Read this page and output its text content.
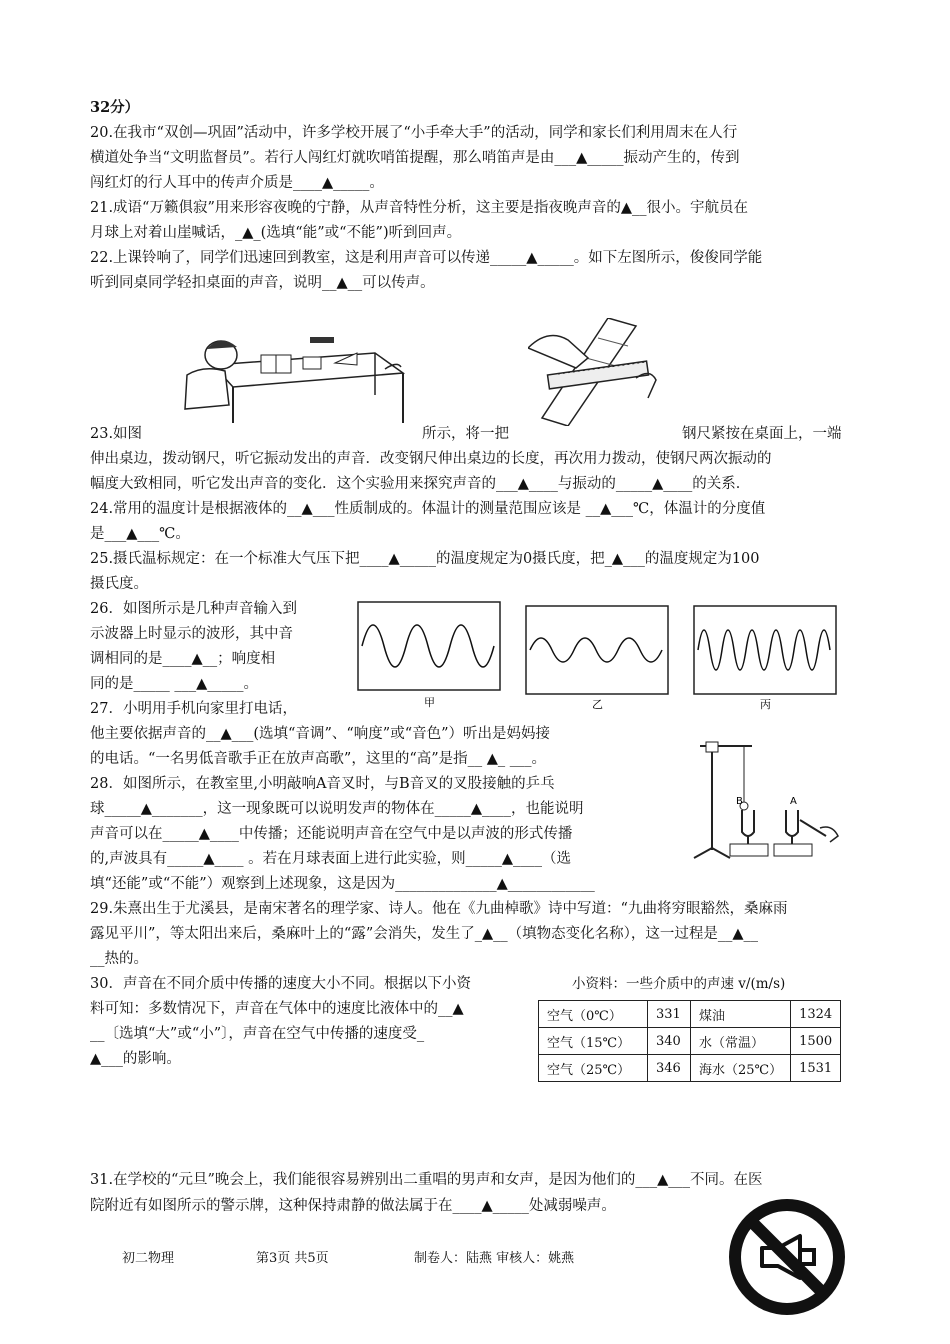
32分）
20.在我市“双创—巩固”活动中，许多学校开展了“小手牵大手”的活动，同学和家长们利用周末在人行
横道处争当“文明监督员”。若行人闯红灯就吹哨笛提醒，那么哨笛声是由___▲_____振动产生的，传到
闯红灯的行人耳中的传声介质是____▲_____。
21.成语“万籁俱寂”用来形容夜晚的宁静，从声音特性分析，这主要是指夜晚声音的▲__很小。宇航员在
月球上对着山崖喊话，_▲_(选填“能”或“不能”)听到回声。
22.上课铃响了，同学们迅速回到教室，这是利用声音可以传递_____▲_____。如下左图所示，俊俊同学能
听到同桌同学轻扣桌面的声音，说明__▲__可以传声。
23.如图	所示，将一把	钢尺紧按在桌面上，一端
伸出桌边，拨动钢尺，听它振动发出的声音．改变钢尺伸出桌边的长度，再次用力拨动，使钢尺两次振动的
幅度大致相同，听它发出声音的变化．这个实验用来探究声音的___▲____与振动的_____▲____的关系．
24.常用的温度计是根据液体的__▲___性质制成的。体温计的测量范围应该是 __▲___℃，体温计的分度值
是___▲___℃。
25.摄氏温标规定：在一个标准大气压下把____▲_____的温度规定为0摄氏度，把_▲___的温度规定为100
摄氏度。
26．如图所示是几种声音输入到
示波器上时显示的波形，其中音
调相同的是____▲__；响度相
同的是_____ ___▲_____。
甲	乙	丙
27．小明用手机向家里打电话，
他主要依据声音的__▲___(选填“音调”、“响度”或“音色”）听出是妈妈接
的电话。“一名男低音歌手正在放声高歌”，这里的“高”是指__ ▲_ ___。
B	A
28．如图所示，在教室里,小明敲响A音叉时，与B音叉的叉股接触的乒乓
球_____▲_______，这一现象既可以说明发声的物体在_____▲____，也能说明
声音可以在_____▲____中传播；还能说明声音在空气中是以声波的形式传播
的,声波具有_____▲____ 。若在月球表面上进行此实验，则_____▲____（选
填“还能”或“不能”）观察到上述现象，这是因为______________▲____________
29.朱熹出生于尤溪县，是南宋著名的理学家、诗人。他在《九曲棹歌》诗中写道：“九曲将穷眼豁然，桑麻雨
露见平川”，等太阳出来后，桑麻叶上的“露”会消失，发生了_▲__（填物态变化名称），这一过程是__▲__
__热的。
30．声音在不同介质中传播的速度大小不同。根据以下小资
料可知：多数情况下，声音在气体中的速度比液体中的__▲
__〔选填“大”或“小”〕，声音在空气中传播的速度受_
▲___的影响。
小资料：一些介质中的声速 v/(m/s)
空气（0℃）	331	煤油	1324
空气（15℃）	340	水（常温）	1500
空气（25℃）	346	海水（25℃）	1531
31.在学校的“元旦”晚会上，我们能很容易辨别出二重唱的男声和女声，是因为他们的___▲___不同。在医
院附近有如图所示的警示牌，这种保持肃静的做法属于在____▲_____处减弱噪声。
初二物理	第3页 共5页	制卷人：陆燕 审核人：姚燕
